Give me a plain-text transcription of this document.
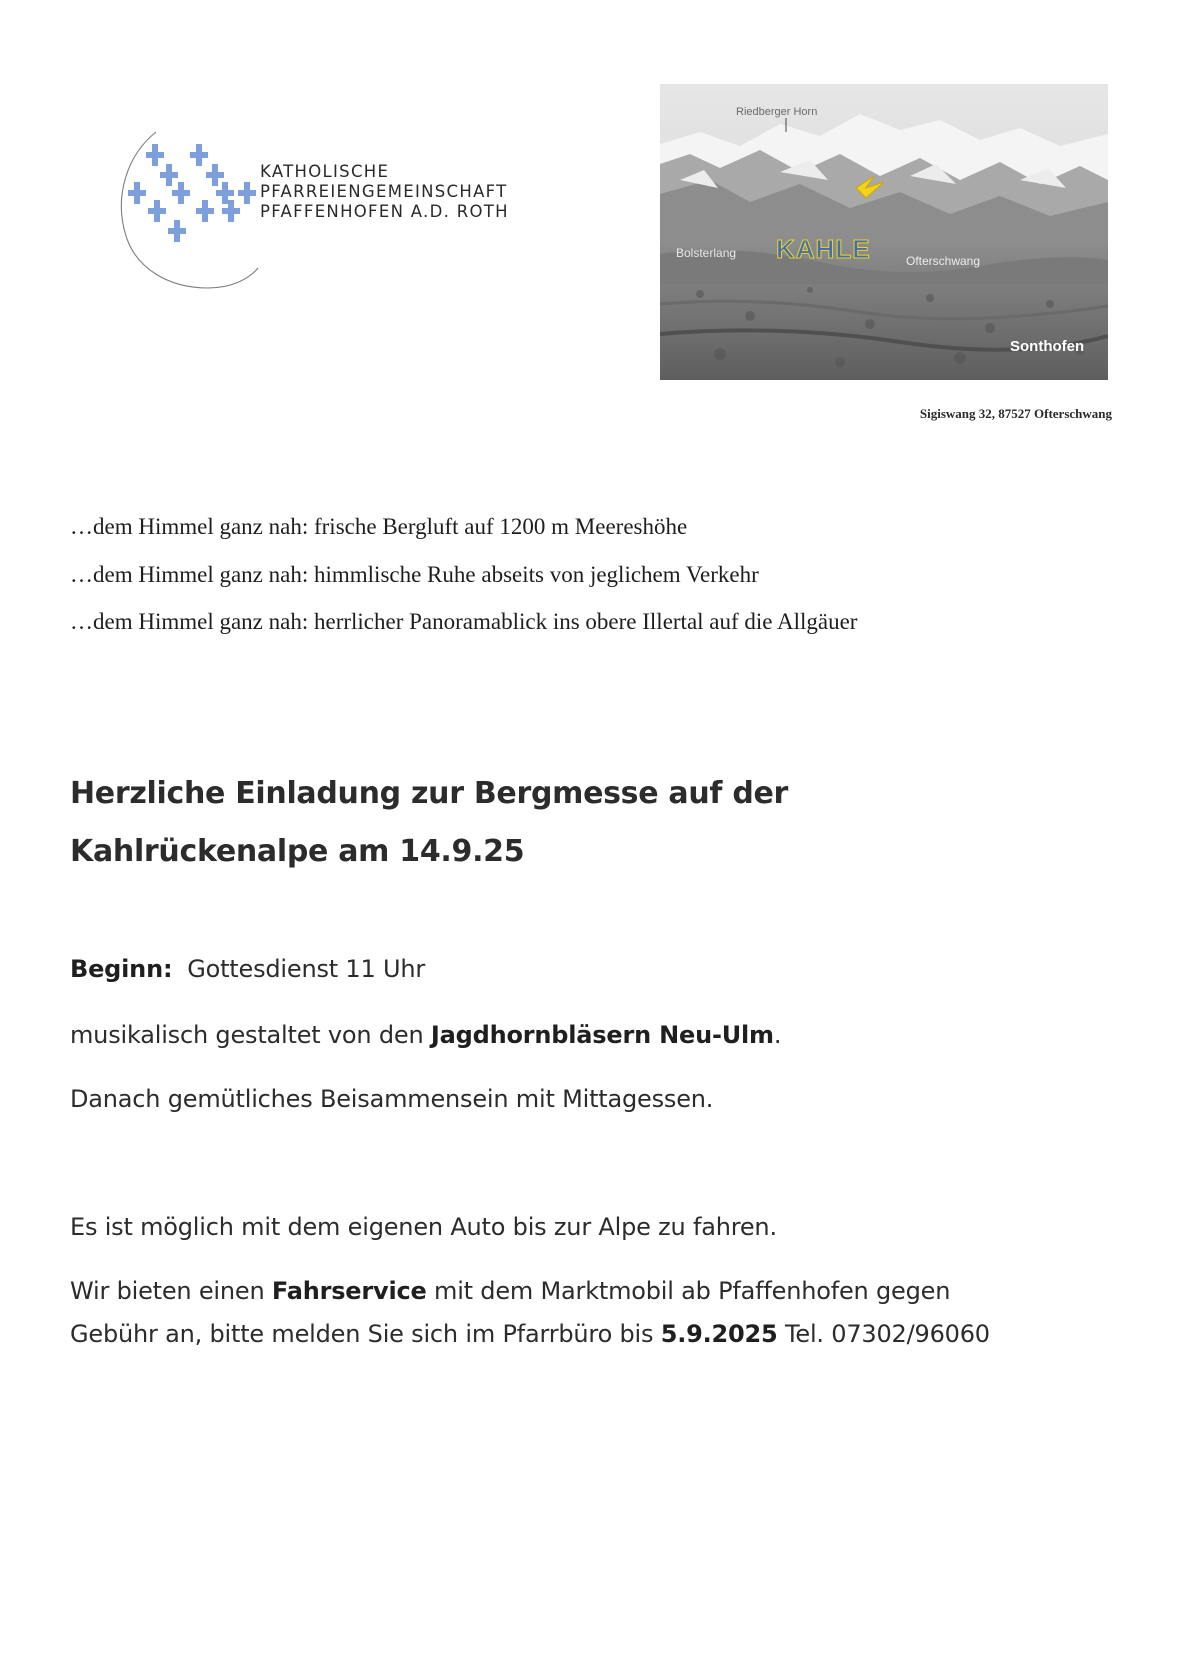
KATHOLISCHE
PFARREIENGEMEINSCHAFT
PFAFFENHOFEN A.D. ROTH
Riedberger Horn
Bolsterlang KAHLE	Ofterschwang
Sonthofen
Sigiswang 32, 87527 Ofterschwang
…dem Himmel ganz nah: frische Bergluft auf 1200 m Meereshöhe
…dem Himmel ganz nah: himmlische Ruhe abseits von jeglichem Verkehr
…dem Himmel ganz nah: herrlicher Panoramablick ins obere Illertal auf die Allgäuer
Herzliche Einladung zur Bergmesse auf der
Kahlrückenalpe am 14.9.25
Beginn: Gottesdienst 11 Uhr
musikalisch gestaltet von den Jagdhornbläsern Neu-Ulm.
Danach gemütliches Beisammensein mit Mittagessen.
Es ist möglich mit dem eigenen Auto bis zur Alpe zu fahren.
Wir bieten einen Fahrservice mit dem Marktmobil ab Pfaffenhofen gegen
Gebühr an, bitte melden Sie sich im Pfarrbüro bis 5.9.2025 Tel. 07302/96060
